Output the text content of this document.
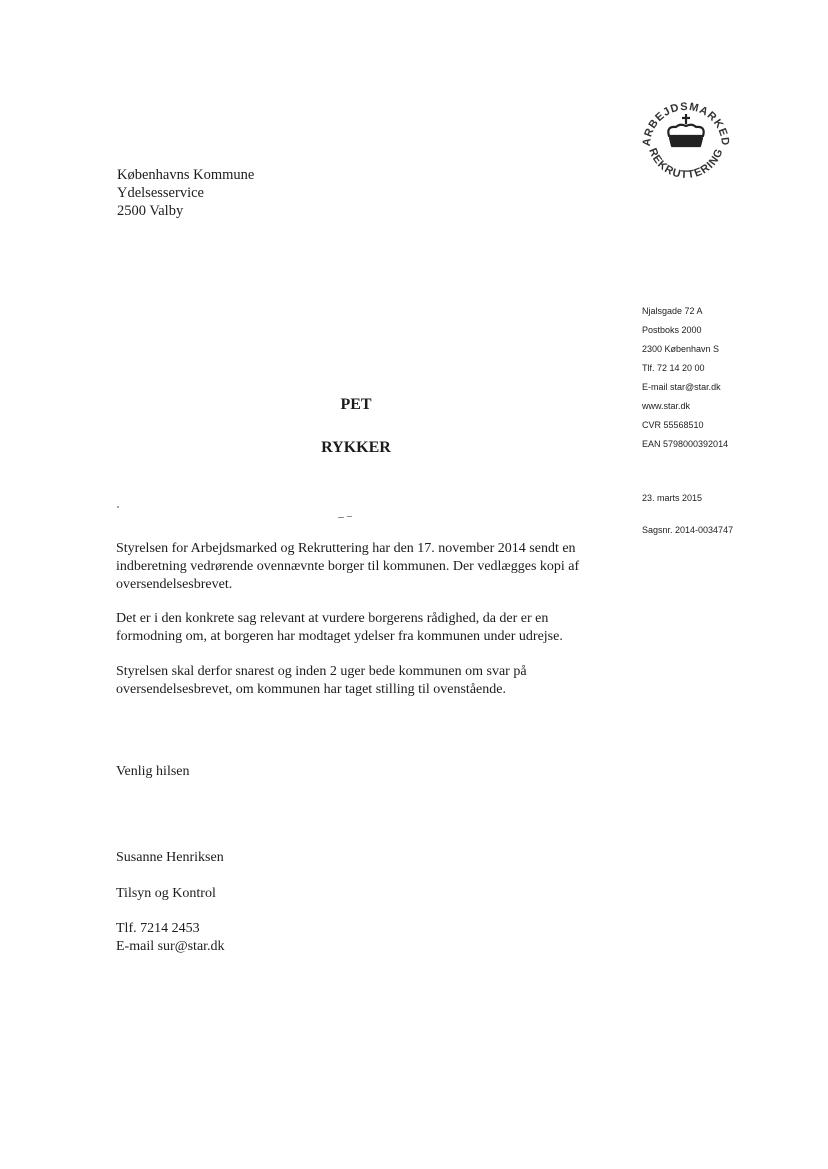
ARBEJDSMARKED
REKRUTTERING
Københavns Kommune
Ydelsesservice
2500 Valby
Njalsgade 72 A
Postboks 2000
2300 København S
Tlf. 72 14 20 00
E-mail star@star.dk
www.star.dk
CVR 55568510
EAN 5798000392014
23. marts 2015
Sagsnr. 2014-0034747
PET
RYKKER

Styrelsen for Arbejdsmarked og Rekruttering har den 17. november 2014 sendt en indberetning vedrørende ovennævnte borger til kommunen. Der vedlægges kopi af oversendelsesbrevet.

Det er i den konkrete sag relevant at vurdere borgerens rådighed, da der er en formodning om, at borgeren har modtaget ydelser fra kommunen under udrejse.

Styrelsen skal derfor snarest og inden 2 uger bede kommunen om svar på oversendelsesbrevet, om kommunen har taget stilling til ovenstående.

Venlig hilsen
Susanne Henriksen
Tilsyn og Kontrol
Tlf. 7214 2453
E-mail sur@star.dk
